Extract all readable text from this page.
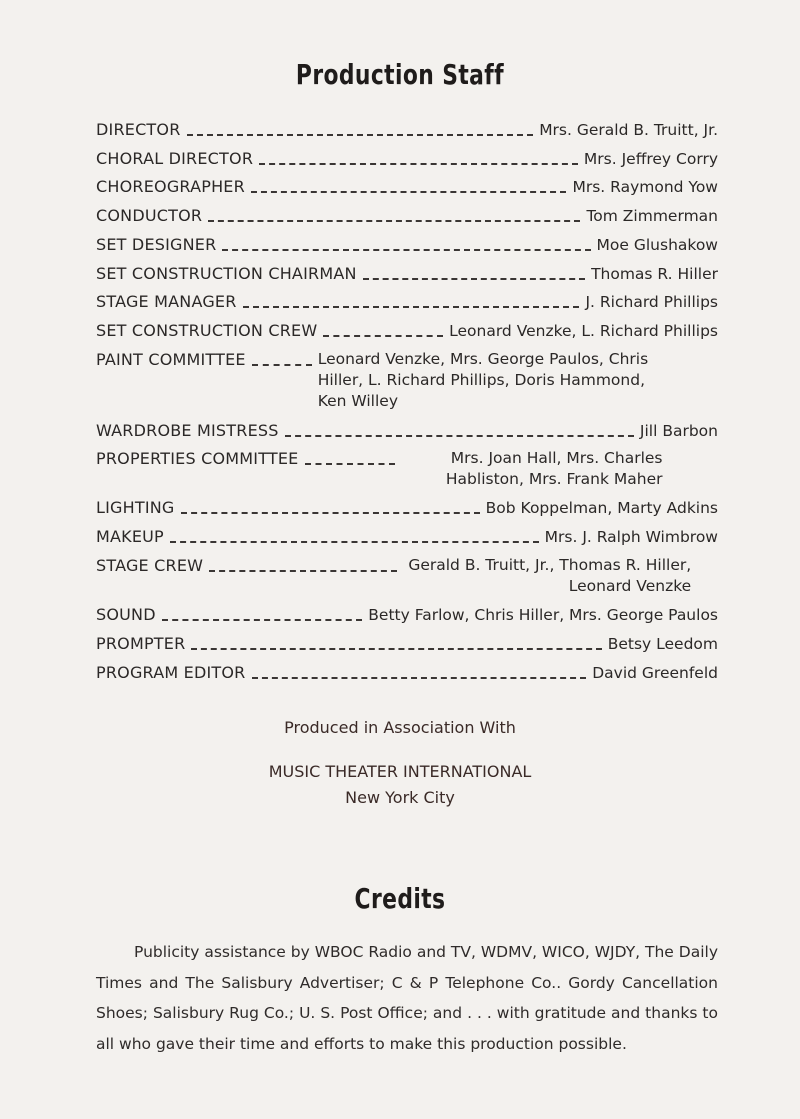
Production Staff
DIRECTOR	Mrs. Gerald B. Truitt, Jr.
CHORAL DIRECTOR	Mrs. Jeffrey Corry
CHOREOGRAPHER	Mrs. Raymond Yow
CONDUCTOR	Tom Zimmerman
SET DESIGNER	Moe Glushakow
SET CONSTRUCTION CHAIRMAN	Thomas R. Hiller
STAGE MANAGER	J. Richard Phillips
SET CONSTRUCTION CREW	Leonard Venzke, L. Richard Phillips
PAINT COMMITTEE	Leonard Venzke, Mrs. George Paulos, Chris Hiller, L. Richard Phillips, Doris Hammond, Ken Willey
WARDROBE MISTRESS	Jill Barbon
PROPERTIES COMMITTEE	Mrs. Joan Hall, Mrs. Charles Habliston, Mrs. Frank Maher
LIGHTING	Bob Koppelman, Marty Adkins
MAKEUP	Mrs. J. Ralph Wimbrow
STAGE CREW	Gerald B. Truitt, Jr., Thomas R. Hiller, Leonard Venzke
SOUND	Betty Farlow, Chris Hiller, Mrs. George Paulos
PROMPTER	Betsy Leedom
PROGRAM EDITOR	David Greenfeld
Produced in Association With
MUSIC THEATER INTERNATIONAL
New York City
Credits
Publicity assistance by WBOC Radio and TV, WDMV, WICO, WJDY, The Daily Times and The Salisbury Advertiser; C & P Telephone Co.. Gordy Cancellation Shoes; Salisbury Rug Co.; U. S. Post Office; and . . . with gratitude and thanks to all who gave their time and efforts to make this production possible.
